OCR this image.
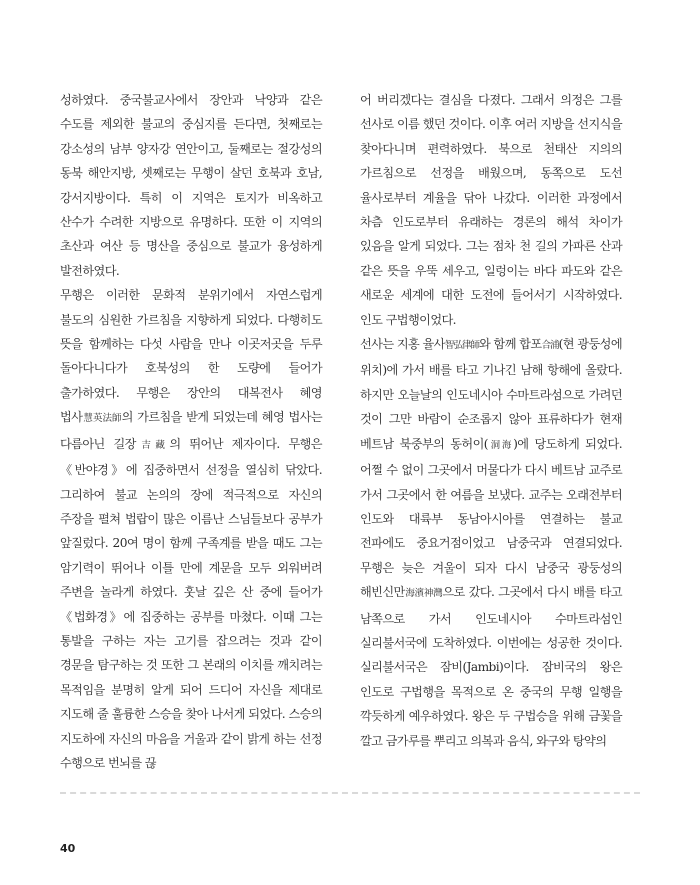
성하였다. 중국불교사에서 장안과 낙양과 같은 수도를 제외한 불교의 중심지를 든다면, 첫째로는 강소성의 남부 양자강 연안이고, 둘째로는 절강성의 동북 해안지방, 셋째로는 무행이 살던 호북과 호남, 강서지방이다. 특히 이 지역은 토지가 비옥하고 산수가 수려한 지방으로 유명하다. 또한 이 지역의 초산과 여산 등 명산을 중심으로 불교가 융성하게 발전하였다.

무행은 이러한 문화적 분위기에서 자연스럽게 불도의 심원한 가르침을 지향하게 되었다. 다행히도 뜻을 함께하는 다섯 사람을 만나 이곳저곳을 두루 돌아다니다가 호북성의 한 도량에 들어가 출가하였다. 무행은 장안의 대복전사 혜영 법사慧英法師의 가르침을 받게 되었는데 혜영 법사는 다름아닌 길장吉藏의 뛰어난 제자이다. 무행은 《반야경》에 집중하면서 선정을 열심히 닦았다. 그리하여 불교 논의의 장에 적극적으로 자신의 주장을 펼쳐 법랍이 많은 이름난 스님들보다 공부가 앞질렀다. 20여 명이 함께 구족계를 받을 때도 그는 암기력이 뛰어나 이틀 만에 계문을 모두 외워버려 주변을 놀라게 하였다. 훗날 깊은 산 중에 들어가 《법화경》에 집중하는 공부를 마쳤다. 이때 그는 통발을 구하는 자는 고기를 잡으려는 것과 같이 경문을 탐구하는 것 또한 그 본래의 이치를 깨치려는 목적임을 분명히 알게 되어 드디어 자신을 제대로 지도해 줄 훌륭한 스승을 찾아 나서게 되었다. 스승의 지도하에 자신의 마음을 거울과 같이 밝게 하는 선정 수행으로 번뇌를 끊

어 버리겠다는 결심을 다졌다. 그래서 의정은 그를 선사로 이름 했던 것이다. 이후 여러 지방을 선지식을 찾아다니며 편력하였다. 북으로 천태산 지의의 가르침으로 선정을 배웠으며, 동쪽으로 도선 율사로부터 계율을 닦아 나갔다. 이러한 과정에서 차츰 인도로부터 유래하는 경론의 해석 차이가 있음을 알게 되었다. 그는 점차 천 길의 가파른 산과 같은 뜻을 우뚝 세우고, 일렁이는 바다 파도와 같은 새로운 세계에 대한 도전에 들어서기 시작하였다. 인도 구법행이었다.

선사는 지홍 율사智弘律師와 함께 합포合浦(현 광둥성에 위치)에 가서 배를 타고 기나긴 남해 항해에 올랐다. 하지만 오늘날의 인도네시아 수마트라섬으로 가려던 것이 그만 바람이 순조롭지 않아 표류하다가 현재 베트남 북중부의 동허이(洞海)에 당도하게 되었다. 어쩔 수 없이 그곳에서 머물다가 다시 베트남 교주로 가서 그곳에서 한 여름을 보냈다. 교주는 오래전부터 인도와 대륙부 동남아시아를 연결하는 불교 전파에도 중요거점이었고 남중국과 연결되었다. 무행은 늦은 겨울이 되자 다시 남중국 광둥성의 해빈신만海濱神灣으로 갔다. 그곳에서 다시 배를 타고 남쪽으로 가서 인도네시아 수마트라섬인 실리불서국에 도착하였다. 이번에는 성공한 것이다. 실리불서국은 잠비(Jambi)이다. 잠비국의 왕은 인도로 구법행을 목적으로 온 중국의 무행 일행을 깍듯하게 예우하였다. 왕은 두 구법승을 위해 금꽃을 깔고 금가루를 뿌리고 의복과 음식, 와구와 탕약의

40
